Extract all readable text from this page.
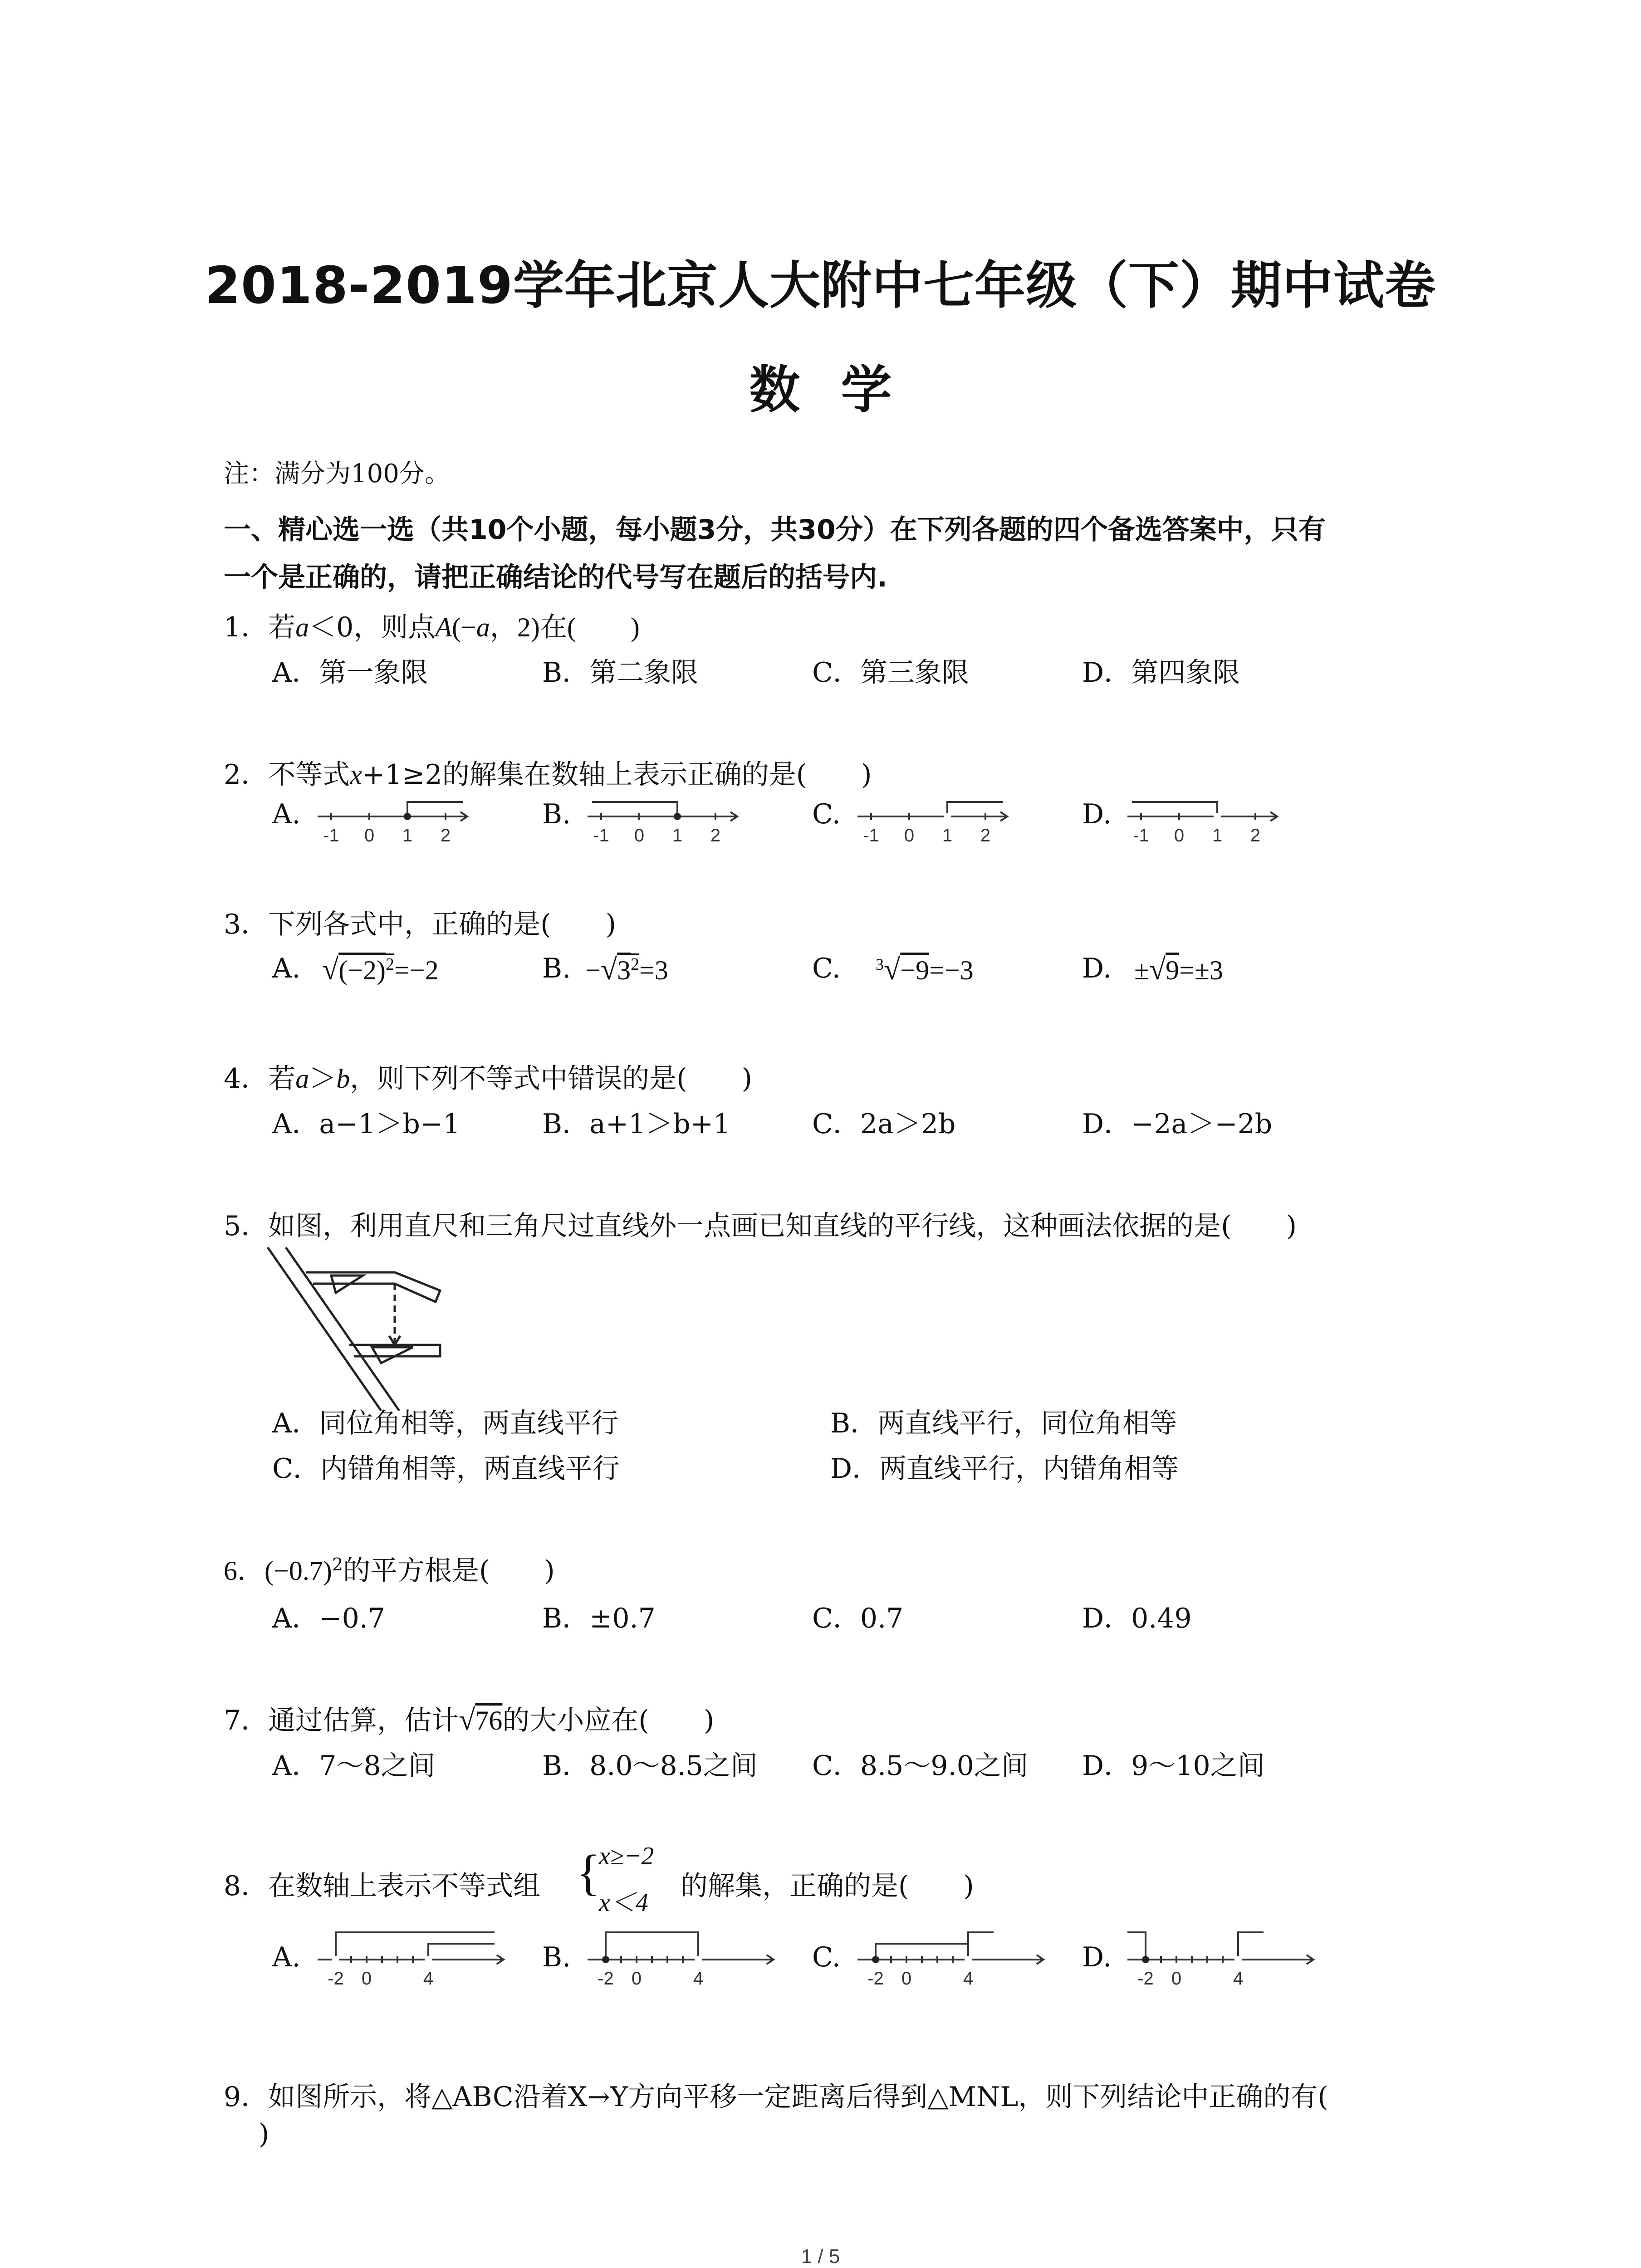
2018-2019学年北京人大附中七年级（下）期中试卷
数学
注：满分为100分。
一、精心选一选（共10个小题，每小题3分，共30分）在下列各题的四个备选答案中，只有
一个是正确的，请把正确结论的代号写在题后的括号内.
1．若a＜0，则点A(−a，2)在(　　)
A．第一象限	B．第二象限	C．第三象限	D．第四象限
2．不等式x+1≥2的解集在数轴上表示正确的是(　　)
A.	B.	C.	D.
-1 0 1 2	-1 0 1 2	-1 0 1 2	-1 0 1 2
3．下列各式中，正确的是(　　)
A.	B.	C.	D.
$√(-2)^2=-2$	$-√3^2=3$	$^3$√−9=−3	±√9=±3
4．若a＞b，则下列不等式中错误的是(　　)
A．a−1＞b−1	B．a+1＞b+1	C．2a＞2b	D．−2a＞−2b
5．如图，利用直尺和三角尺过直线外一点画已知直线的平行线，这种画法依据的是(　　)
A．同位角相等，两直线平行	B．两直线平行，同位角相等
C．内错角相等，两直线平行	D．两直线平行，内错角相等
6．$(-0.7)^2$的平方根是(　　)
A．−0.7	B．±0.7	C．0.7	D．0.49
7．通过估算，估计√76的大小应在(　　)
A．7～8之间	B．8.0～8.5之间 C．8.5～9.0之间 D．9～10之间
8．在数轴上表示不等式组 {
x≥−2
x＜4
的解集，正确的是(　　)
A.	B.	C.	D.
-2 0	4	-2 0	4	-2 0	4	-2 0	4
9．如图所示，将△ABC沿着X→Y方向平移一定距离后得到△MNL，则下列结论中正确的有(
)
1 / 5
